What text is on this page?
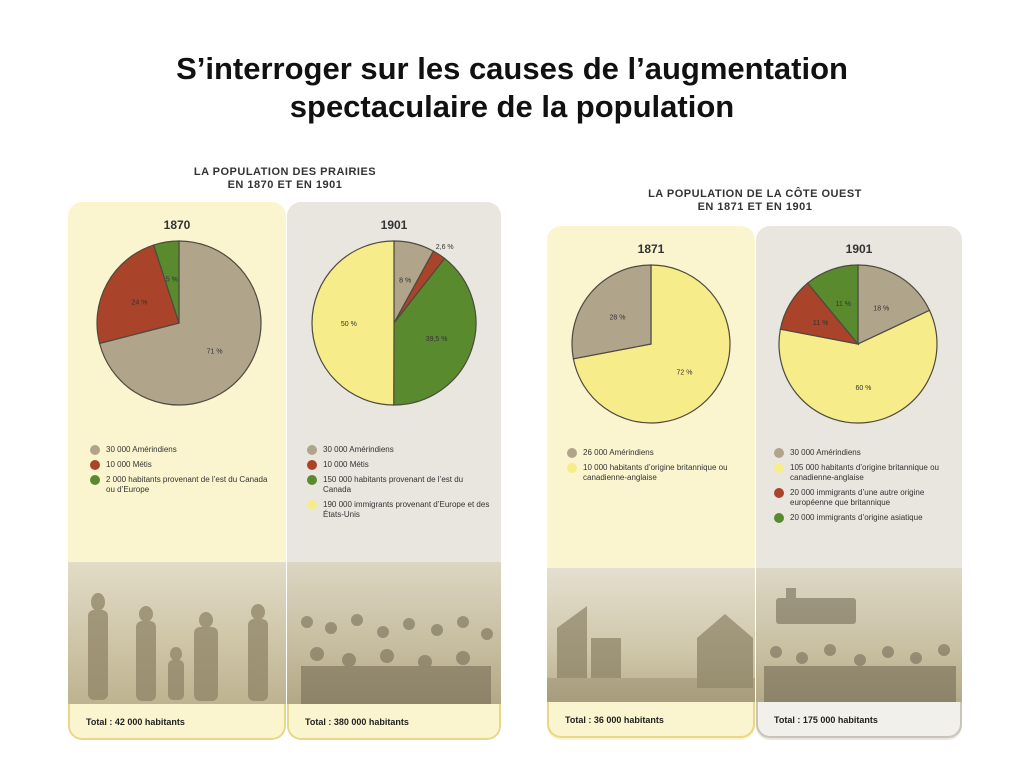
S’interroger sur les causes de l’augmentation
spectaculaire de la population
LA POPULATION DES PRAIRIES
EN 1870 ET EN 1901
LA POPULATION DE LA CÔTE OUEST
EN 1871 ET EN 1901
1870
71 %
24 %
5 %
30 000 Amérindiens
10 000 Métis
2 000 habitants provenant de l’est du Canada ou d’Europe
Total : 42 000 habitants
1901
8 %
2,6 %
39,5 %
50 %
30 000 Amérindiens
10 000 Métis
150 000 habitants provenant de l’est du Canada
190 000 immigrants provenant d’Europe et des États-Unis
Total : 380 000 habitants
1871
72 %
28 %
26 000 Amérindiens
10 000 habitants d’origine britannique ou canadienne-anglaise
Total : 36 000 habitants
1901
18 %
60 %
11 %
11 %
30 000 Amérindiens
105 000 habitants d’origine britannique ou canadienne-anglaise
20 000 immigrants d’une autre origine européenne que britannique
20 000 immigrants d’origine asiatique
Total : 175 000 habitants
